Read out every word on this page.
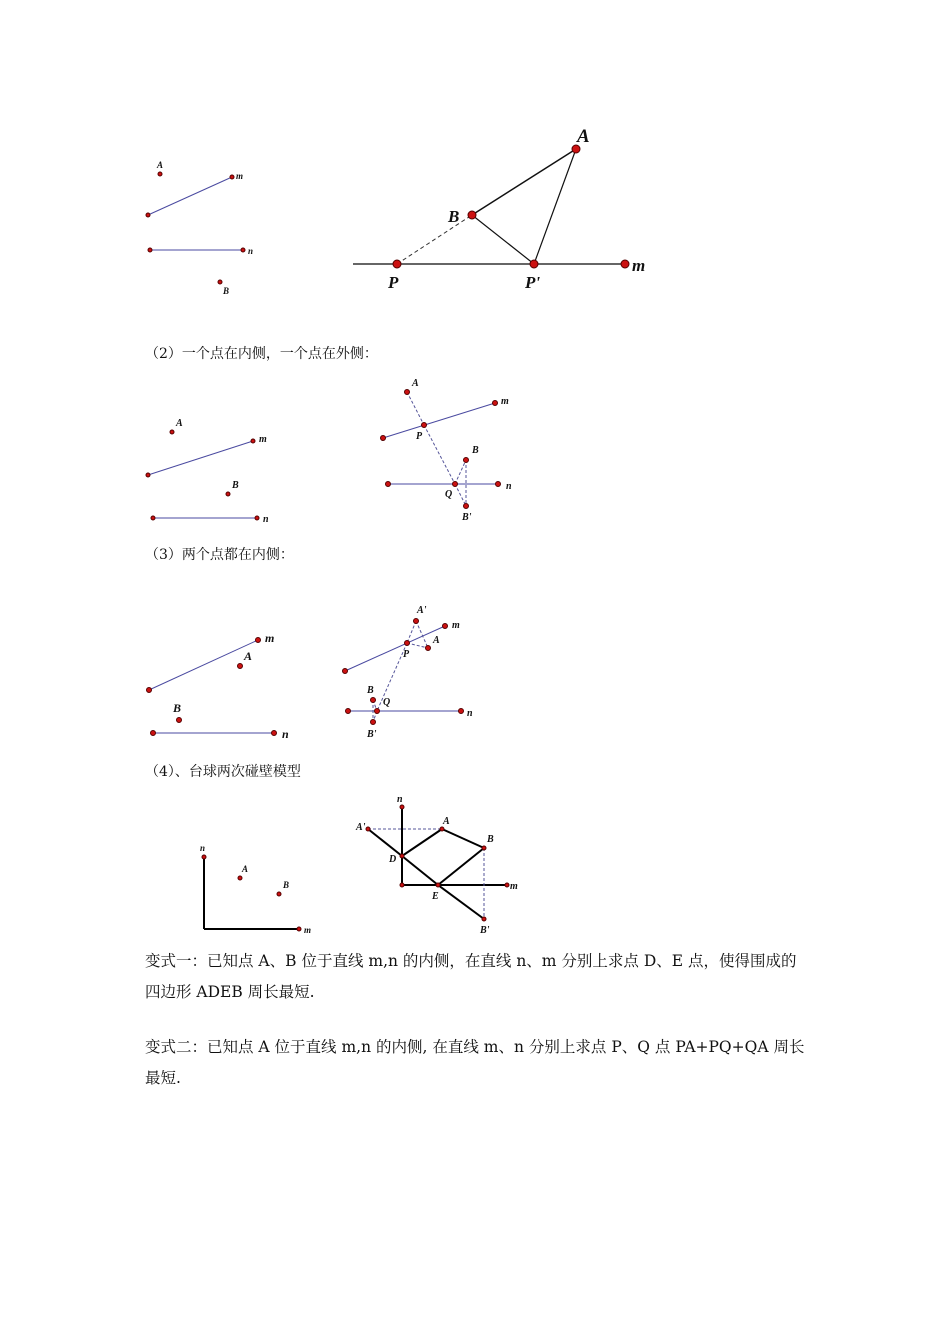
A
m
n
B
A
B
P	P'
m
A
m
B
n
A
m
P
B
Q
n
B'
m
A
B
n
A'
m
A
P
B
Q
n
B'
n
A
B
m
n
A'
A
B
D
E
m
B'
（2）一个点在内侧，一个点在外侧：
（3）两个点都在内侧：
（4）、台球两次碰壁模型
变式一：已知点 A、B 位于直线 m,n 的内侧，在直线 n、m 分别上求点 D、E 点，使得围成的四边形 ADEB 周长最短.
变式二：已知点 A 位于直线 m,n 的内侧, 在直线 m、n 分别上求点 P、Q 点 PA+PQ+QA 周长最短.
